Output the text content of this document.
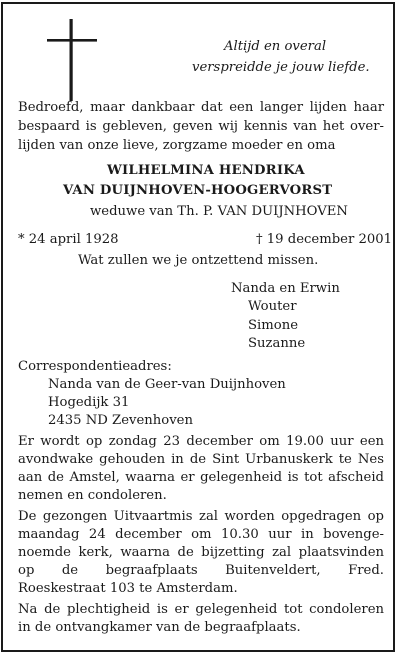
Altijd en overal
verspreidde je jouw liefde.
Bedroefd, maar dankbaar dat een langer lijden haar
bespaard is gebleven, geven wij kennis van het over-
lijden van onze lieve, zorgzame moeder en oma
WILHELMINA HENDRIKA
VAN DUIJNHOVEN-HOOGERVORST
weduwe van Th. P. VAN DUIJNHOVEN
* 24 april 1928	† 19 december 2001
Wat zullen we je ontzettend missen.
Nanda en Erwin
Wouter
Simone
Suzanne
Correspondentieadres:
Nanda van de Geer-van Duijnhoven
Hogedijk 31
2435 ND Zevenhoven
Er wordt op zondag 23 december om 19.00 uur een
avondwake gehouden in de Sint Urbanuskerk te Nes
aan de Amstel, waarna er gelegenheid is tot afscheid
nemen en condoleren.
De gezongen Uitvaartmis zal worden opgedragen op
maandag 24 december om 10.30 uur in bovenge-
noemde kerk, waarna de bijzetting zal plaatsvinden
op de begraafplaats Buitenveldert, Fred.
Roeskestraat 103 te Amsterdam.
Na de plechtigheid is er gelegenheid tot condoleren
in de ontvangkamer van de begraafplaats.
